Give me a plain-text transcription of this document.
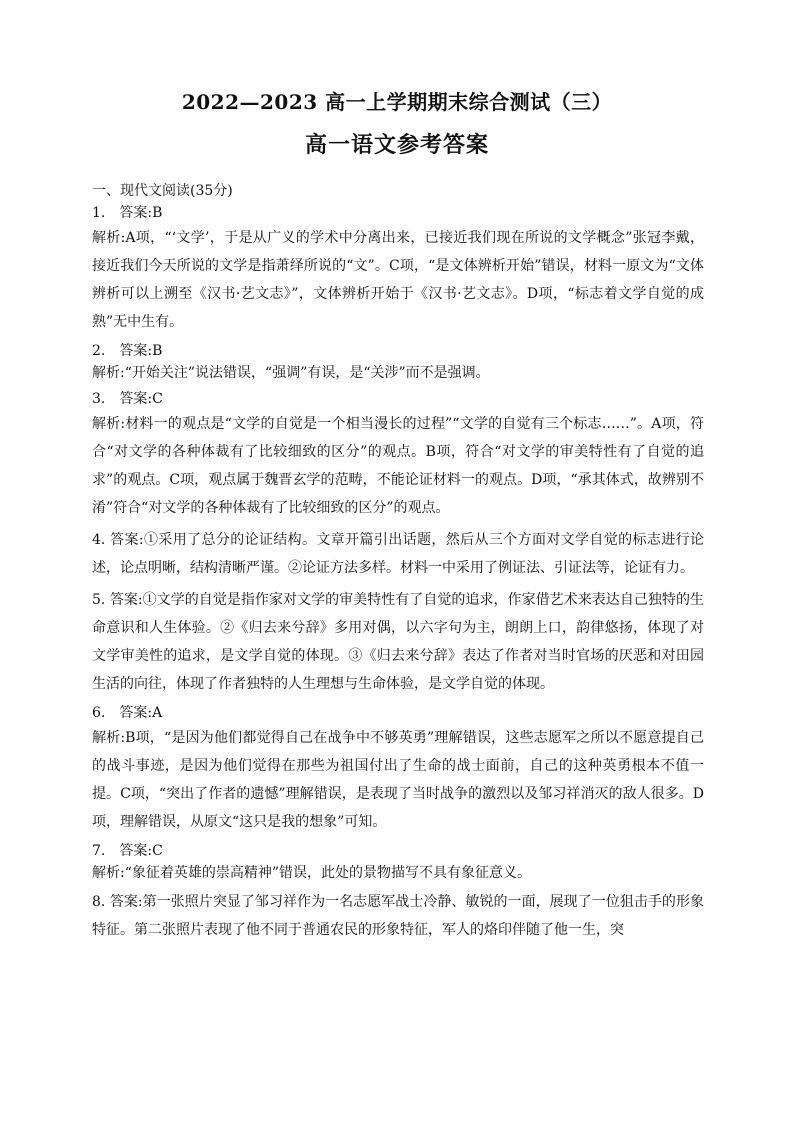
2022—2023 高一上学期期末综合测试（三）
高一语文参考答案

一、现代文阅读(35分)

1.　答案:B

解析:A项，“‘文学’，于是从广义的学术中分离出来，已接近我们现在所说的文学概念”张冠李戴，接近我们今天所说的文学是指萧绎所说的“文”。C项，“是文体辨析开始”错误，材料一原文为“文体辨析可以上溯至《汉书·艺文志》”，文体辨析开始于《汉书·艺文志》。D项，“标志着文学自觉的成熟”无中生有。

2.　答案:B

解析:“开始关注”说法错误，“强调”有误，是“关涉”而不是强调。

3.　答案:C

解析:材料一的观点是“文学的自觉是一个相当漫长的过程”“文学的自觉有三个标志……”。A项，符合“对文学的各种体裁有了比较细致的区分”的观点。B项，符合“对文学的审美特性有了自觉的追求”的观点。C项，观点属于魏晋玄学的范畴，不能论证材料一的观点。D项，“承其体式，故辨别不淆”符合“对文学的各种体裁有了比较细致的区分”的观点。

4. 答案:①采用了总分的论证结构。文章开篇引出话题，然后从三个方面对文学自觉的标志进行论述，论点明晰，结构清晰严谨。②论证方法多样。材料一中采用了例证法、引证法等，论证有力。

5. 答案:①文学的自觉是指作家对文学的审美特性有了自觉的追求，作家借艺术来表达自己独特的生命意识和人生体验。②《归去来兮辞》多用对偶，以六字句为主，朗朗上口，韵律悠扬，体现了对文学审美性的追求，是文学自觉的体现。③《归去来兮辞》表达了作者对当时官场的厌恶和对田园生活的向往，体现了作者独特的人生理想与生命体验，是文学自觉的体现。

6.　答案:A

解析:B项，“是因为他们都觉得自己在战争中不够英勇”理解错误，这些志愿军之所以不愿意提自己的战斗事迹，是因为他们觉得在那些为祖国付出了生命的战士面前，自己的这种英勇根本不值一提。C项，“突出了作者的遗憾”理解错误，是表现了当时战争的激烈以及邹习祥消灭的敌人很多。D项，理解错误，从原文“这只是我的想象”可知。

7.　答案:C

解析:“象征着英雄的崇高精神”错误，此处的景物描写不具有象征意义。

8. 答案:第一张照片突显了邹习祥作为一名志愿军战士冷静、敏锐的一面，展现了一位狙击手的形象特征。第二张照片表现了他不同于普通农民的形象特征，军人的烙印伴随了他一生，突
